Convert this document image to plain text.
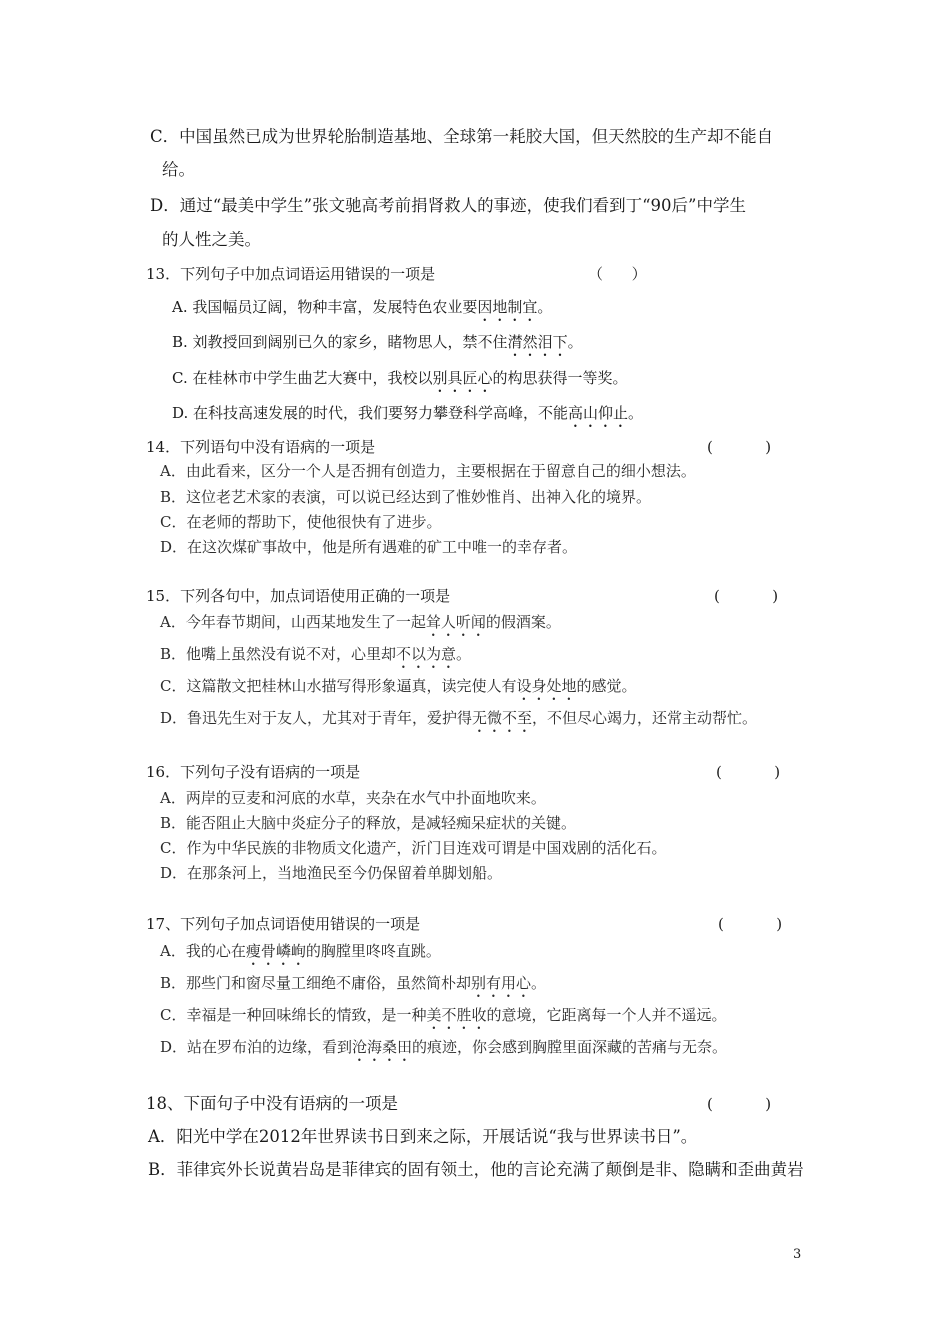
C．中国虽然已成为世界轮胎制造基地、全球第一耗胶大国，但天然胶的生产却不能自
给。
D．通过“最美中学生”张文驰高考前捐肾救人的事迹，使我们看到丁“90后”中学生
的人性之美。
13．下列句子中加点词语运用错误的一项是	（      ）
A. 我国幅员辽阔，物种丰富，发展特色农业要因地制宜。
B. 刘教授回到阔别已久的家乡，睹物思人，禁不住潸然泪下。
C. 在桂林市中学生曲艺大赛中，我校以别具匠心的构思获得一等奖。
D. 在科技高速发展的时代，我们要努力攀登科学高峰，不能高山仰止。
14．下列语句中没有语病的一项是	(           )
A．由此看来，区分一个人是否拥有创造力，主要根据在于留意自己的细小想法。
B．这位老艺术家的表演，可以说已经达到了惟妙惟肖、出神入化的境界。
C．在老师的帮助下，使他很快有了进步。
D．在这次煤矿事故中，他是所有遇难的矿工中唯一的幸存者。
15．下列各句中，加点词语使用正确的一项是	(           )
A．今年春节期间，山西某地发生了一起耸人听闻的假酒案。
B．他嘴上虽然没有说不对，心里却不以为意。
C．这篇散文把桂林山水描写得形象逼真，读完使人有设身处地的感觉。
D．鲁迅先生对于友人，尤其对于青年，爱护得无微不至，不但尽心竭力，还常主动帮忙。
16．下列句子没有语病的一项是	(           )
A．两岸的豆麦和河底的水草，夹杂在水气中扑面地吹来。
B．能否阻止大脑中炎症分子的释放，是减轻痴呆症状的关键。
C．作为中华民族的非物质文化遗产，沂门目连戏可谓是中国戏剧的活化石。
D．在那条河上，当地渔民至今仍保留着单脚划船。
17、下列句子加点词语使用错误的一项是	(           )
A．我的心在瘦骨嶙峋的胸膛里咚咚直跳。
B．那些门和窗尽量工细绝不庸俗，虽然简朴却别有用心。
C．幸福是一种回味绵长的情致，是一种美不胜收的意境，它距离每一个人并不遥远。
D．站在罗布泊的边缘，看到沧海桑田的痕迹，你会感到胸膛里面深藏的苦痛与无奈。
18、下面句子中没有语病的一项是	(           )
A．阳光中学在2012年世界读书日到来之际，开展话说“我与世界读书日”。
B．菲律宾外长说黄岩岛是菲律宾的固有领土，他的言论充满了颠倒是非、隐瞒和歪曲黄岩
3
